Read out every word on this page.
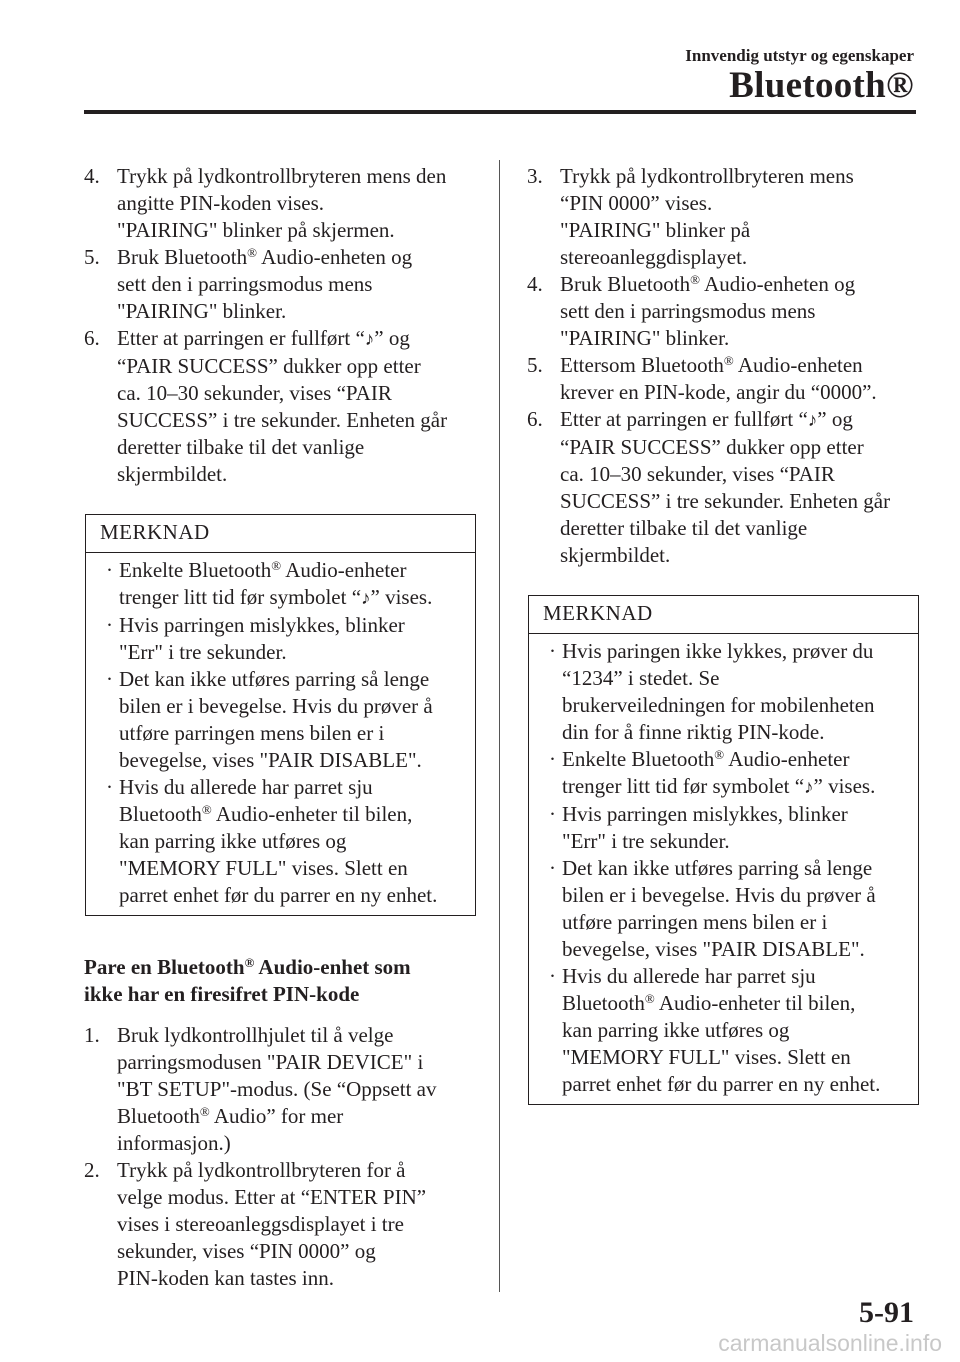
Innvendig utstyr og egenskaper
Bluetooth®
4. Trykk på lydkontrollbryteren mens den
angitte PIN-koden vises.
"PAIRING" blinker på skjermen.
5. Bruk Bluetooth® Audio-enheten og
sett den i parringsmodus mens
"PAIRING" blinker.
6. Etter at parringen er fullført “♪” og
“PAIR SUCCESS” dukker opp etter
ca. 10–30 sekunder, vises “PAIR
SUCCESS” i tre sekunder. Enheten går
deretter tilbake til det vanlige
skjermbildet.
MERKNAD
· Enkelte Bluetooth® Audio-enheter
trenger litt tid før symbolet “♪” vises.
· Hvis parringen mislykkes, blinker
"Err" i tre sekunder.
· Det kan ikke utføres parring så lenge
bilen er i bevegelse. Hvis du prøver å
utføre parringen mens bilen er i
bevegelse, vises "PAIR DISABLE".
· Hvis du allerede har parret sju
Bluetooth® Audio-enheter til bilen,
kan parring ikke utføres og
"MEMORY FULL" vises. Slett en
parret enhet før du parrer en ny enhet.
Pare en Bluetooth® Audio-enhet som
ikke har en firesifret PIN-kode
1. Bruk lydkontrollhjulet til å velge
parringsmodusen "PAIR DEVICE" i
"BT SETUP"-modus. (Se “Oppsett av
Bluetooth® Audio” for mer
informasjon.)
2. Trykk på lydkontrollbryteren for å
velge modus. Etter at “ENTER PIN”
vises i stereoanleggsdisplayet i tre
sekunder, vises “PIN 0000” og
PIN-koden kan tastes inn.
3. Trykk på lydkontrollbryteren mens
“PIN 0000” vises.
"PAIRING" blinker på
stereoanleggdisplayet.
4. Bruk Bluetooth® Audio-enheten og
sett den i parringsmodus mens
"PAIRING" blinker.
5. Ettersom Bluetooth® Audio-enheten
krever en PIN-kode, angir du “0000”.
6. Etter at parringen er fullført “♪” og
“PAIR SUCCESS” dukker opp etter
ca. 10–30 sekunder, vises “PAIR
SUCCESS” i tre sekunder. Enheten går
deretter tilbake til det vanlige
skjermbildet.
MERKNAD
· Hvis paringen ikke lykkes, prøver du
“1234” i stedet. Se
brukerveiledningen for mobilenheten
din for å finne riktig PIN-kode.
· Enkelte Bluetooth® Audio-enheter
trenger litt tid før symbolet “♪” vises.
· Hvis parringen mislykkes, blinker
"Err" i tre sekunder.
· Det kan ikke utføres parring så lenge
bilen er i bevegelse. Hvis du prøver å
utføre parringen mens bilen er i
bevegelse, vises "PAIR DISABLE".
· Hvis du allerede har parret sju
Bluetooth® Audio-enheter til bilen,
kan parring ikke utføres og
"MEMORY FULL" vises. Slett en
parret enhet før du parrer en ny enhet.
5-91
carmanualsonline.info
